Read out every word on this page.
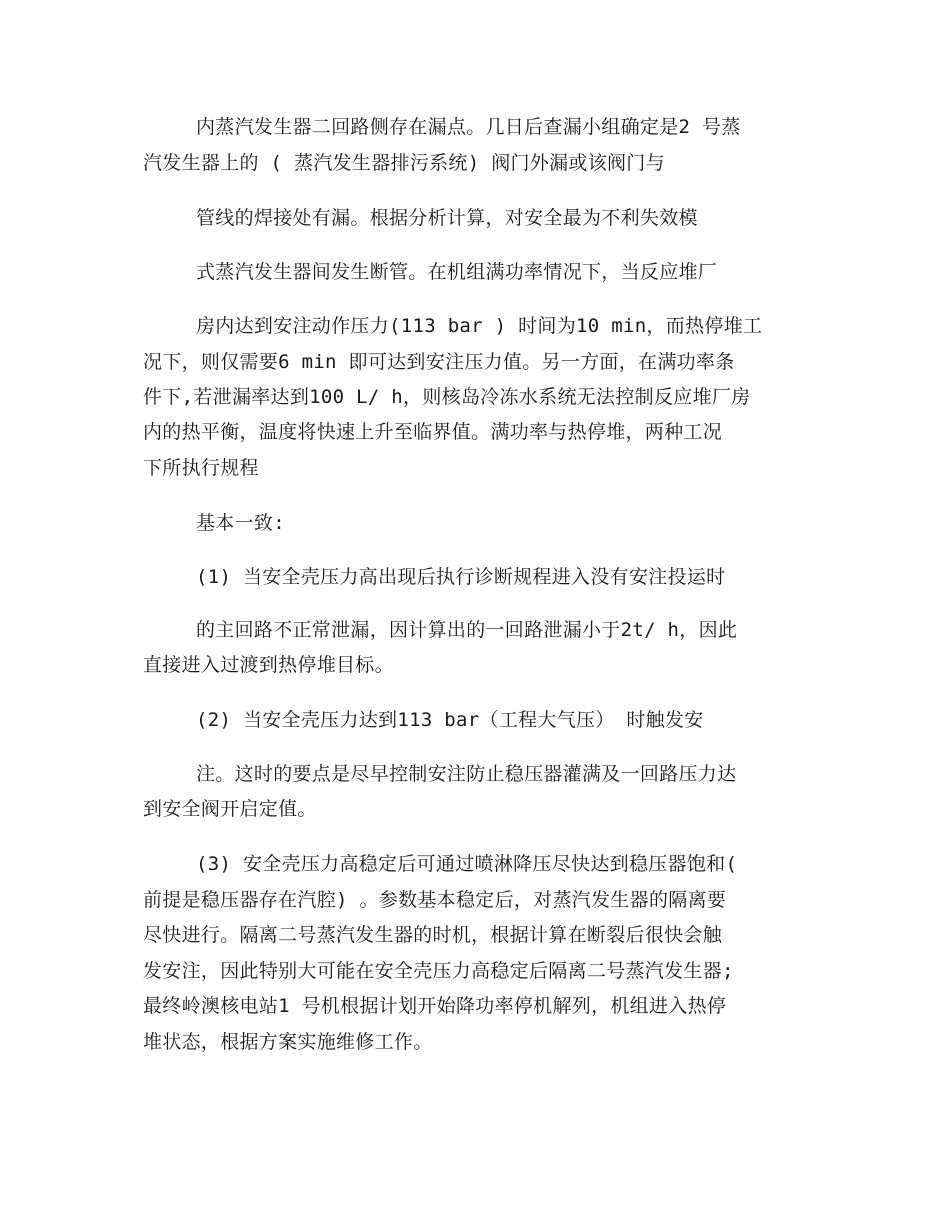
内蒸汽发生器二回路侧存在漏点。几日后查漏小组确定是2 号蒸
汽发生器上的 ( 蒸汽发生器排污系统) 阀门外漏或该阀门与
管线的焊接处有漏。根据分析计算，对安全最为不利失效模
式蒸汽发生器间发生断管。在机组满功率情况下，当反应堆厂
房内达到安注动作压力(113 bar ) 时间为10 min，而热停堆工
况下，则仅需要6 min 即可达到安注压力值。另一方面，在满功率条
件下,若泄漏率达到100 L/ h，则核岛冷冻水系统无法控制反应堆厂房
内的热平衡，温度将快速上升至临界值。满功率与热停堆，两种工况
下所执行规程
基本一致:
(1) 当安全壳压力高出现后执行诊断规程进入没有安注投运时
的主回路不正常泄漏，因计算出的一回路泄漏小于2t/ h，因此
直接进入过渡到热停堆目标。
(2) 当安全壳压力达到113 bar（工程大气压） 时触发安
注。这时的要点是尽早控制安注防止稳压器灌满及一回路压力达
到安全阀开启定值。
(3) 安全壳压力高稳定后可通过喷淋降压尽快达到稳压器饱和(
前提是稳压器存在汽腔) 。参数基本稳定后，对蒸汽发生器的隔离要
尽快进行。隔离二号蒸汽发生器的时机，根据计算在断裂后很快会触
发安注，因此特别大可能在安全壳压力高稳定后隔离二号蒸汽发生器;
最终岭澳核电站1 号机根据计划开始降功率停机解列，机组进入热停
堆状态，根据方案实施维修工作。
